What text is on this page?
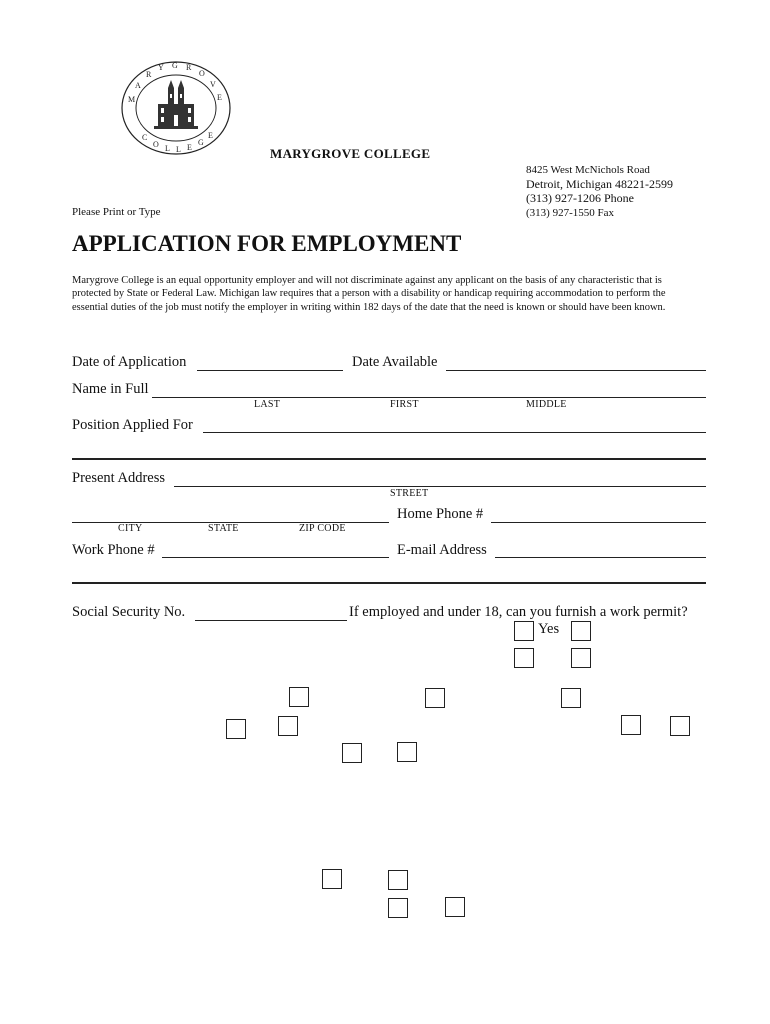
M
A
R
Y G R
O
V
E
C
O L L E
G
E
MARYGROVE COLLEGE
8425 West McNichols Road
Detroit, Michigan 48221-2599
(313) 927-1206 Phone
(313) 927-1550 Fax
Please Print or Type
APPLICATION FOR EMPLOYMENT
Marygrove College is an equal opportunity employer and will not discriminate against any applicant on the basis of any characteristic that is protected by State or Federal Law. Michigan law requires that a person with a disability or handicap requiring accommodation to perform the essential duties of the job must notify the employer in writing within 182 days of the date that the need is known or should have been known.
Date of Application	Date Available
Name in Full
LAST	FIRST	MIDDLE
Position Applied For
Present Address
STREET
Home Phone #
CITY	STATE	ZIP CODE
Work Phone #	E-mail Address
Social Security No.	If employed and under 18, can you furnish a work permit?
Yes
